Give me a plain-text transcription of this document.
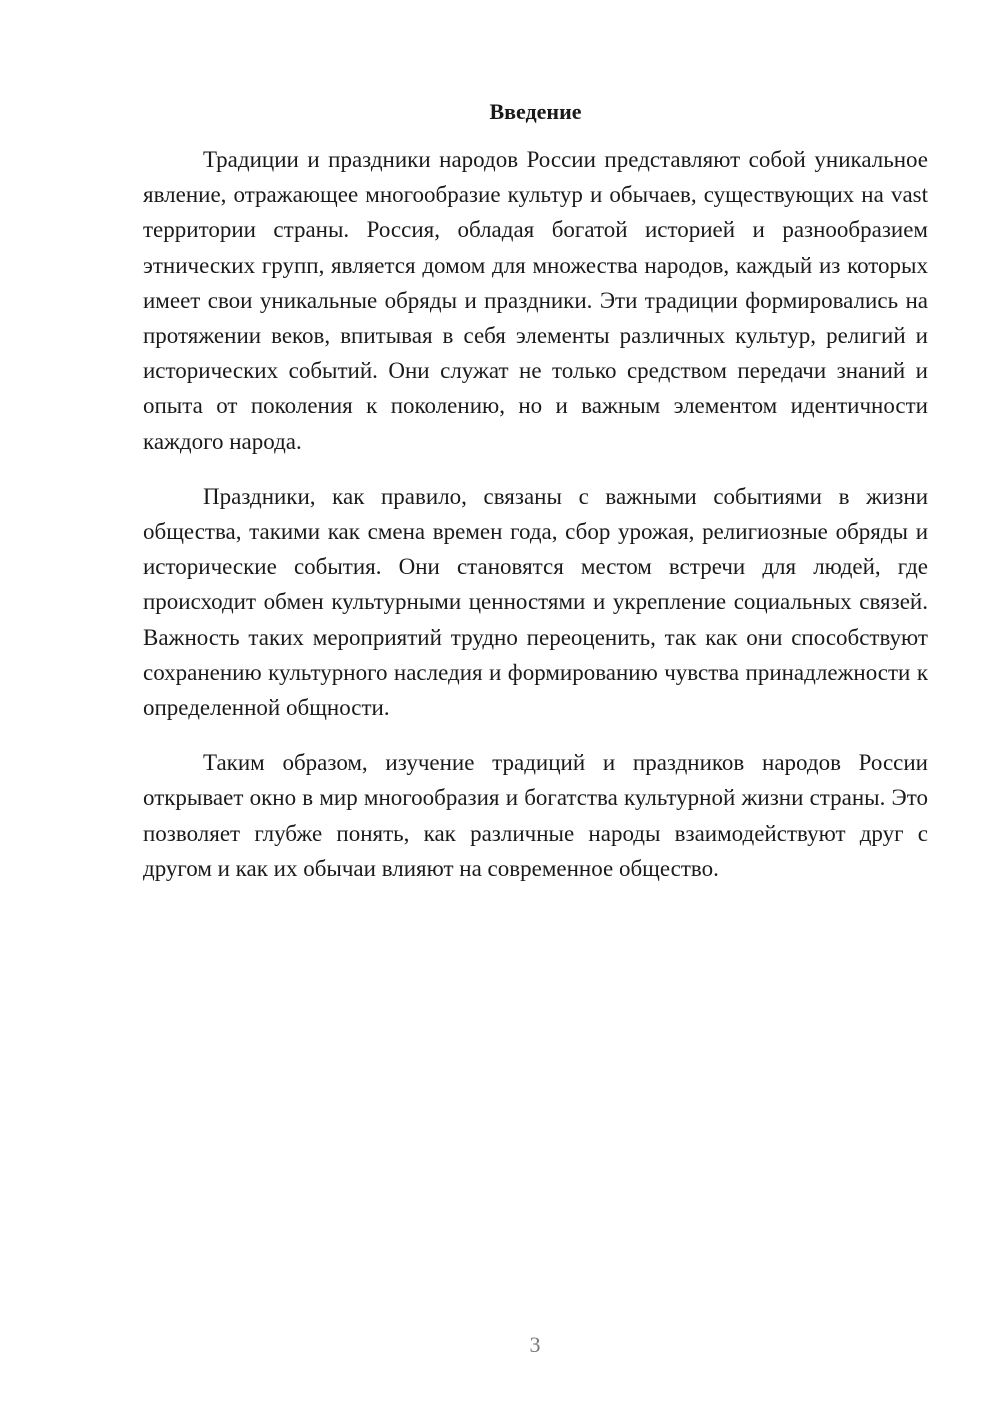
Введение

Традиции и праздники народов России представляют собой уникальное явление, отражающее многообразие культур и обычаев, существующих на vast территории страны. Россия, обладая богатой историей и разнообразием этнических групп, является домом для множества народов, каждый из которых имеет свои уникальные обряды и праздники. Эти традиции формировались на протяжении веков, впитывая в себя элементы различных культур, религий и исторических событий. Они служат не только средством передачи знаний и опыта от поколения к поколению, но и важным элементом идентичности каждого народа.

Праздники, как правило, связаны с важными событиями в жизни общества, такими как смена времен года, сбор урожая, религиозные обряды и исторические события. Они становятся местом встречи для людей, где происходит обмен культурными ценностями и укрепление социальных связей. Важность таких мероприятий трудно переоценить, так как они способствуют сохранению культурного наследия и формированию чувства принадлежности к определенной общности.

Таким образом, изучение традиций и праздников народов России открывает окно в мир многообразия и богатства культурной жизни страны. Это позволяет глубже понять, как различные народы взаимодействуют друг с другом и как их обычаи влияют на современное общество.

3
